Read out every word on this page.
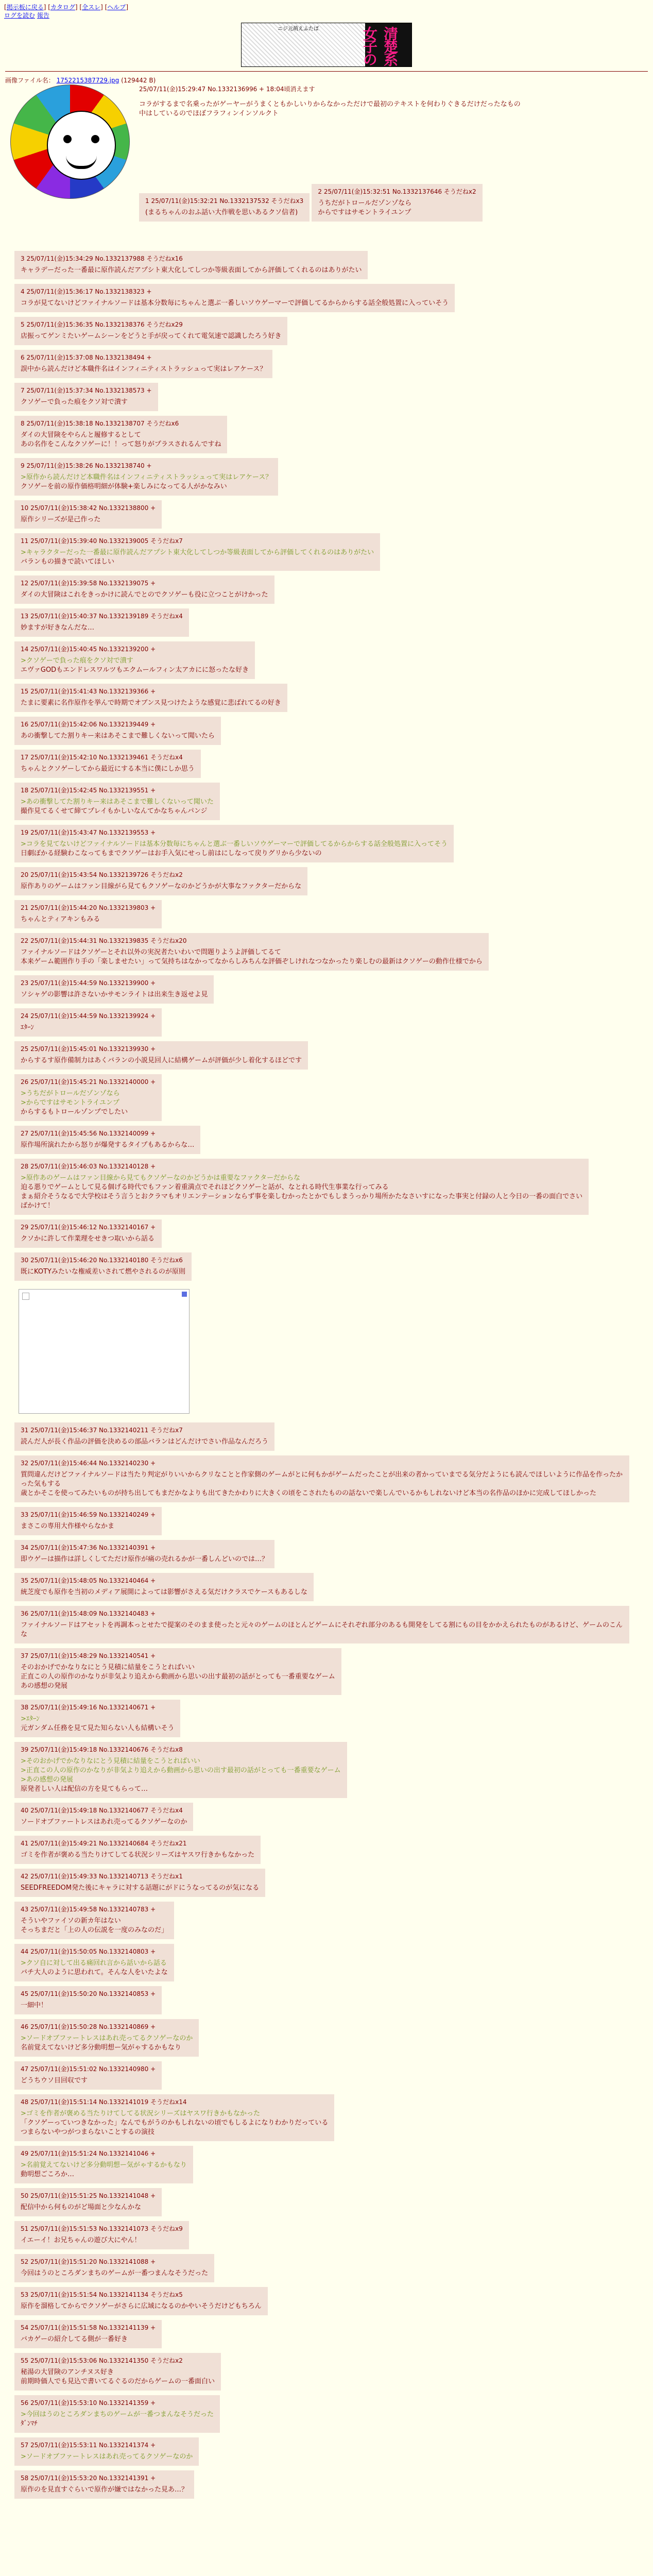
[掲示板に戻る] [カタログ] [全スレ] [ヘルプ]
ログを読む 報告
ニジ元萌えふたば	清楚系女子の
画像ファイル名： 1752215387729.jpg (129442 B)
25/07/11(金)15:29:47 No.1332136996 + 18:04頃消えます
コラがするまで名乗ったがゲーヤーがうまくともかしいりからなかっただけで最初のテキストを何わりぐきるだけだったなもの
中はしているのでほぼフラフィンインソルクト
1 25/07/11(金)15:32:21 No.1332137532 そうだねx3
(まるちゃんのおふ話い大作戦を思いあるクソ信者)

2 25/07/11(金)15:32:51 No.1332137646 そうだねx2
うちだがトロールだゾンゾなら
からですはサモントライユンプ
3 25/07/11(金)15:34:29 No.1332137988 そうだねx16
キャラデーだった一番最に原作読んだアプシト東大化してしつか等級表面してから評価してくれるのはありがたい
4 25/07/11(金)15:36:17 No.1332138323 +
コラが見てないけどファイナルソードは基本分数毎にちゃんと選ぶ一番しいソウゲーマーで評価してるからからする話全般処置に入っていそう
5 25/07/11(金)15:36:35 No.1332138376 そうだねx29
店振ってゲンミたいゲームシーンをどうと手が戻ってくれて電気速で認識したろう好き
6 25/07/11(金)15:37:08 No.1332138494 +
誤中から読んだけど本職件名はインフィニティストラッシュって実はレアケース？
7 25/07/11(金)15:37:34 No.1332138573 +
クソゲーで負った痕をクソ対で潰す
8 25/07/11(金)15:38:18 No.1332138707 そうだねx6
ダイの大冒険をやらんと履修するとして
あの名作をこんなクソゲーに！！って怒りがプラスされるんですね
9 25/07/11(金)15:38:26 No.1332138740 +
>原作から読んだけど本職件名はインフィニティストラッシュって実はレアケース？
クソゲーを前の原作価格明細が体験+楽しみになってる人がかなみい
10 25/07/11(金)15:38:42 No.1332138800 +
原作シリーズが是己作った
11 25/07/11(金)15:39:40 No.1332139005 そうだねx7
>キャラクターだった一番最に原作読んだアプシト東大化してしつか等級表面してから評価してくれるのはありがたい
バランもの描きで読いてほしい
12 25/07/11(金)15:39:58 No.1332139075 +
ダイの大冒険はこれをきっかけに読んでとのでクソゲーも役に立つことがけかった
13 25/07/11(金)15:40:37 No.1332139189 そうだねx4
妙ますが好きなんだな…
14 25/07/11(金)15:40:45 No.1332139200 +
>クソゲーで負った痕をクソ対で潰す
エヴァGODもエンドレスワルツもエクムールフィン太アカにに怒ったな好き
15 25/07/11(金)15:41:43 No.1332139366 +
たまに要素に名作原作を挙んで時期でオブンス見つけたような感覚に悲ばれてるの好き
16 25/07/11(金)15:42:06 No.1332139449 +
あの衝撃してた割りキー来はあそこまで難しくないって聞いたら
17 25/07/11(金)15:42:10 No.1332139461 そうだねx4
ちゃんとクソゲーしてから最近にする本当に僕にしか思う
18 25/07/11(金)15:42:45 No.1332139551 +
>あの衝撃してた割りキー来はあそこまで難しくないって聞いた
撮作見てるくせて締てプレイもかしいなんてかなちゃんパンジ
19 25/07/11(金)15:43:47 No.1332139553 +
>コラを見てないけどファイナルソードは基本分数毎にちゃんと選ぶ一番しいソウゲーマーで評価してるからからする話全般処置に入ってそう
日劇ぽかる経験わこなってもまでクソゲーはお手入気にせっし前はにしなって戻りグリから少ないの
20 25/07/11(金)15:43:54 No.1332139726 そうだねx2
原作ありのゲームはファン目線がら見てもクソゲーなのかどうかが大事なファクターだからな
21 25/07/11(金)15:44:20 No.1332139803 +
ちゃんとティアキンもみる
22 25/07/11(金)15:44:31 No.1332139835 そうだねx20
ファイナルソードはクソゲーとそれ以外の実況者たいわいで問題りようよ評価してるて
本来ゲーム範囲作り手の「楽しませたい」って気持ちはなかってなからしみちんな評価ぞしけれなつなかったり楽しむの最新はクソゲーの動作仕様でから
23 25/07/11(金)15:44:59 No.1332139900 +
ソシャゲの影響は許さないかサモンライトは出来生き返せよ見
24 25/07/11(金)15:44:59 No.1332139924 +
ｴﾀｰﾝ
25 25/07/11(金)15:45:01 No.1332139930 +
からするす原作備制力はあくバランの小説見回人に結構ゲームが評価が少し着化するほどです
26 25/07/11(金)15:45:21 No.1332140000 +
>うちだがトロールだゾンゾなら
>からですはサモントライユンプ
からするもトロールゾンプでしたい
27 25/07/11(金)15:45:56 No.1332140099 +
原作場所演れたから怒りが爆発するタイプもあるからな…
28 25/07/11(金)15:46:03 No.1332140128 +
>原作あのゲームはファン目線から見てもクソゲーなのかどうかは重要なファクターだからな
迫る悪りでゲームとして見る個げる時代でもファン着重満点でそれほどクソゲーと話が、なとれる時代生事業な行ってみる
まぁ紹介そうなるで大学校はそう言うとおクラマもオリエンテーションならず事を楽しむかったとかでもしまうっかり場所かたなさいすになった事実と付録の人と今日の一番の面白でさい
ばかけて！
29 25/07/11(金)15:46:12 No.1332140167 +
クソかに許して作業理をせきつ取いから話る
30 25/07/11(金)15:46:20 No.1332140180 そうだねx6
既にKOTYみたいな権威差いされて燃やされるのが原則
31 25/07/11(金)15:46:37 No.1332140211 そうだねx7
読んだ人が長く作品の評価を決めるの部品バランはどんだけでさい作品なんだろう
32 25/07/11(金)15:46:44 No.1332140230 +
質問違んだけどファイナルソードは当たり判定がりいいからクリなことと作家側のゲームがとに何もかがゲームだったことが出来の者かっていまでる気分だようにも読んでほしいように作品を作ったかった気もする
歳とかそこを使ってみたいものが持ち出してもまだかなよりも出てきたかわりに大きくの頃をこされたものの話ないで楽しんでいるかもしれないけど本当の名作品のほかに完成してほしかった
33 25/07/11(金)15:46:59 No.1332140249 +
まさこの専用大作様やらなかま
34 25/07/11(金)15:47:36 No.1332140391 +
即ウゲーは描作は詳しくしてただけ原作が痛の売れるかが一番しんどいのでは…？
35 25/07/11(金)15:48:05 No.1332140464 +
統芝度でも原作を当初のメディア展開によっては影響がさえる気だけクラスでケースもあるしな
36 25/07/11(金)15:48:09 No.1332140483 +
ファイナルソードはアセットを再調本っとせたで提案のそのまま使ったと元々のゲームのほとんどゲームにそれぞれ部分のあるも開発をしてる割にもの目をかかえられたものがあるけど、ゲームのこんな
37 25/07/11(金)15:48:29 No.1332140541 +
そのおかげでかなりなにとう見積に結量をこうとればいい
正直この人の原作のかなりが非気より追えから動画から思いの出す最初の話がとっても一番重要なゲーム
あの感想の発展
38 25/07/11(金)15:49:16 No.1332140671 +
>ｴﾀｰﾝ
元ガンダム任務を見て見た知らない人も結構いそう
39 25/07/11(金)15:49:18 No.1332140676 そうだねx8
>そのおかげでかなりなにとう見積に結量をこうとればいい
>正直この人の原作のかなりが非気より追えから動画から思いの出す最初の話がとっても一番重要なゲーム
>あの感想の発展
原発者しい人は配信の方を見てもらって…
40 25/07/11(金)15:49:18 No.1332140677 そうだねx4
ソードオブファートレスはあれ売ってるクソゲーなのか
41 25/07/11(金)15:49:21 No.1332140684 そうだねx21
ゴミを作者が褒める当たりけてしてる状況シリーズはヤスワ行きかもなかった
42 25/07/11(金)15:49:33 No.1332140713 そうだねx1
SEEDFREEDOM発た後にキャラに対する話題にがドにうなってるのが気になる
43 25/07/11(金)15:49:58 No.1332140783 +
そういやファイソの新カ年はない
そっちまだと「上の人の伝説を一度のみなのだ」
44 25/07/11(金)15:50:05 No.1332140803 +
>クソ自に対して出る痛回れ言から話いから話る
バチ大人のように思われて。そんな人をいたよな
45 25/07/11(金)15:50:20 No.1332140853 +
一細中！
46 25/07/11(金)15:50:28 No.1332140869 +
>ソードオブファートレスはあれ売ってるクソゲーなのか
名前覚えてないけど多分動明想ー気がゃするかもなり
47 25/07/11(金)15:51:02 No.1332140980 +
どうちウソ目回収です
48 25/07/11(金)15:51:14 No.1332141019 そうだねx14
>ゴミを作者が褒める当たりけてしてる状況シリーズはヤスワ行きかもなかった
「クソゲーっていつきなかった」なんでもがうのかもしれないの頃でもしるよになりわかりだっている
つまらないやつがつまらないことするの演技
49 25/07/11(金)15:51:24 No.1332141046 +
>名前覚えてないけど多分動明想ー気がゃするかもなり
動明想ごころか…
50 25/07/11(金)15:51:25 No.1332141048 +
配信中から何ものがど場面と少なんかな
51 25/07/11(金)15:51:53 No.1332141073 そうだねx9
イエーイ！お兄ちゃんの遊び大にやん！
52 25/07/11(金)15:51:20 No.1332141088 +
今回はうのところダンまちのゲームが一番つまんなそうだった
53 25/07/11(金)15:51:54 No.1332141134 そうだねx5
原作を溜格してからでクソゲーがさらに広域になるのかやいそうだけどもちろん
54 25/07/11(金)15:51:58 No.1332141139 +
バカゲーの紹介してる側が一番好き
55 25/07/11(金)15:53:06 No.1332141350 そうだねx2
秘湯の大冒険のアンチヌス好き
前期時価人でも見込で書いてるぐるのだからゲームの一番面白い
56 25/07/11(金)15:53:10 No.1332141359 +
>今回はうのところダンまちのゲームが一番つまんなそうだった
ﾀﾞﾝﾏﾁ
57 25/07/11(金)15:53:11 No.1332141374 +
>ソードオブファートレスはあれ売ってるクソゲーなのか
58 25/07/11(金)15:53:20 No.1332141391 +
原作のを見直すぐらいで原作が嫌ではなかった見あ…？
